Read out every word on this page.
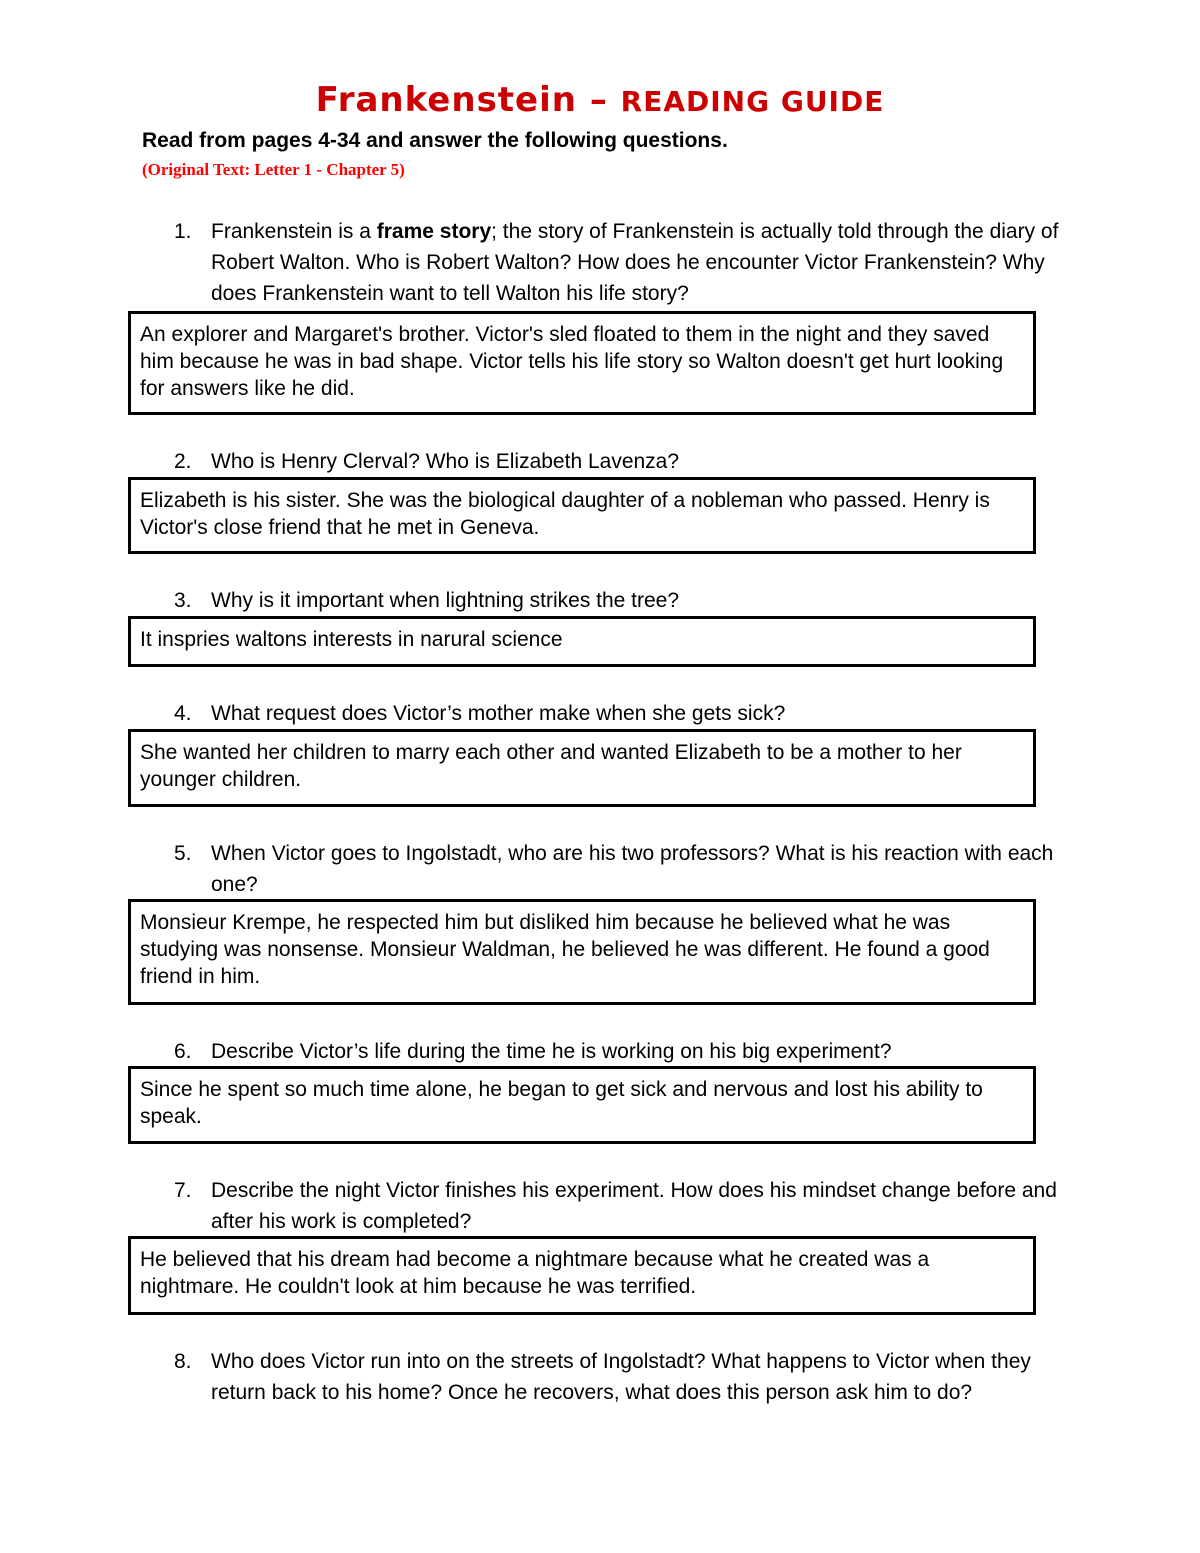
Frankenstein – READING GUIDE
Read from pages 4-34 and answer the following questions.
(Original Text: Letter 1 - Chapter 5)
1. Frankenstein is a frame story; the story of Frankenstein is actually told through the diary of Robert Walton. Who is Robert Walton? How does he encounter Victor Frankenstein? Why does Frankenstein want to tell Walton his life story?
An explorer and Margaret's brother. Victor's sled floated to them in the night and they saved him because he was in bad shape. Victor tells his life story so Walton doesn't get hurt looking for answers like he did.
2. Who is Henry Clerval? Who is Elizabeth Lavenza?
Elizabeth is his sister. She was the biological daughter of a nobleman who passed. Henry is Victor's close friend that he met in Geneva.
3. Why is it important when lightning strikes the tree?
It inspries waltons interests in narural science
4. What request does Victor’s mother make when she gets sick?
She wanted her children to marry each other and wanted Elizabeth to be a mother to her younger children.
5. When Victor goes to Ingolstadt, who are his two professors? What is his reaction with each one?
Monsieur Krempe, he respected him but disliked him because he believed what he was studying was nonsense. Monsieur Waldman, he believed he was different. He found a good friend in him.
6. Describe Victor’s life during the time he is working on his big experiment?
Since he spent so much time alone, he began to get sick and nervous and lost his ability to speak.
7. Describe the night Victor finishes his experiment. How does his mindset change before and after his work is completed?
He believed that his dream had become a nightmare because what he created was a nightmare. He couldn't look at him because he was terrified.
8. Who does Victor run into on the streets of Ingolstadt? What happens to Victor when they return back to his home? Once he recovers, what does this person ask him to do?
